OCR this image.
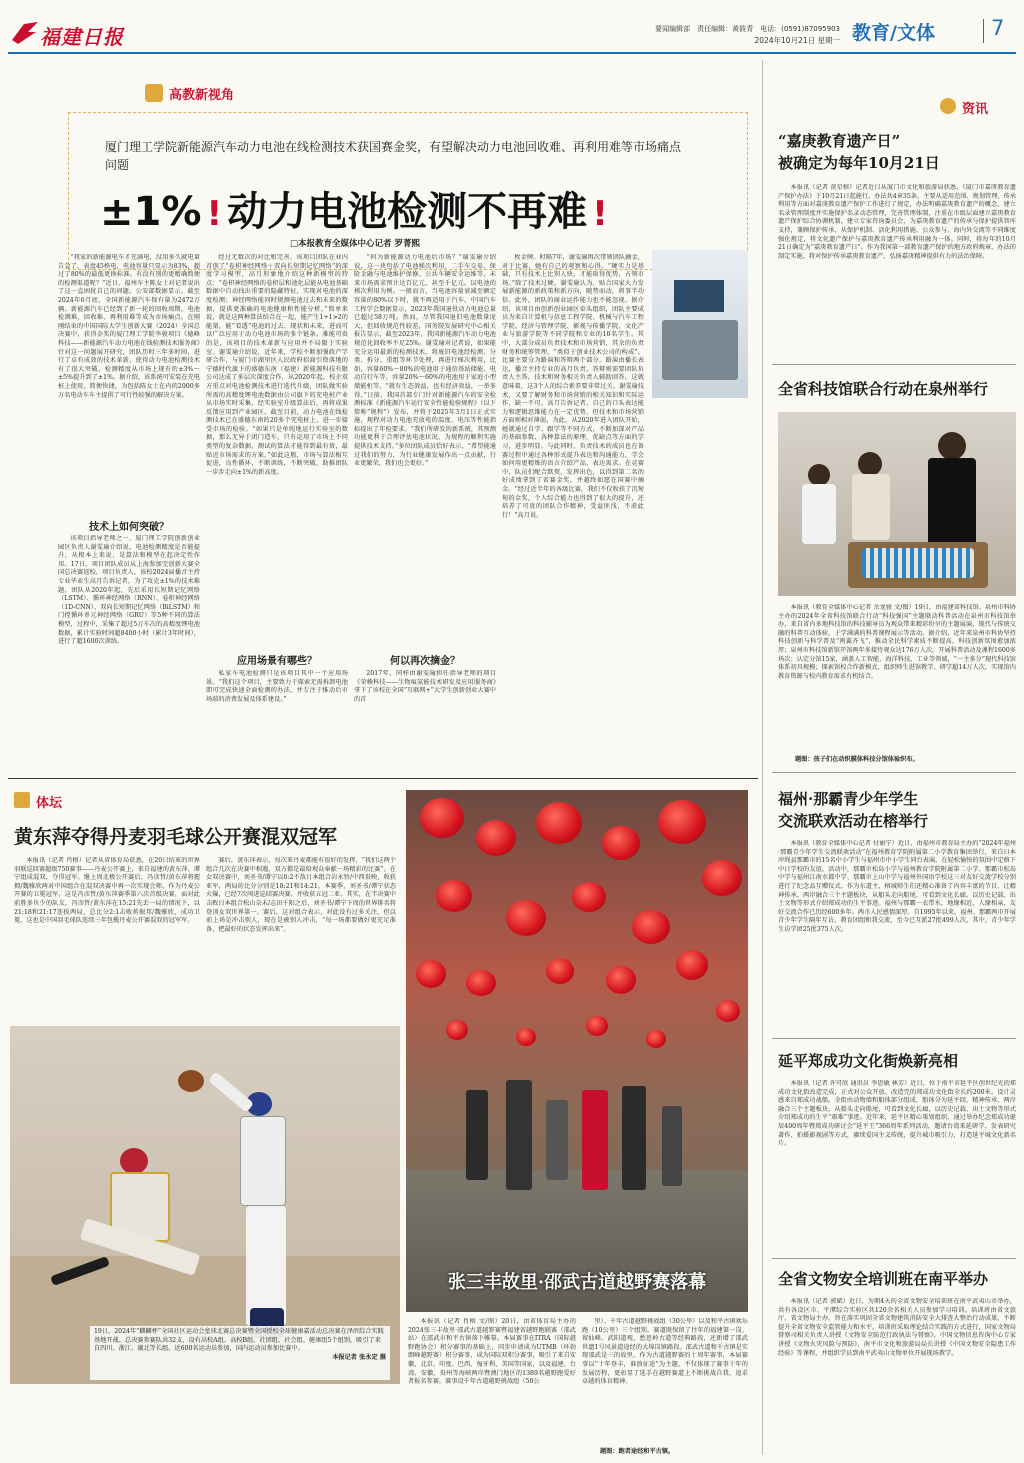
福建日报	要闻编辑部　责任编辑：黄筱青　电话：(0591)87095903
2024年10月21日 星期一 教育/文体	7
高教新视角
厦门理工学院新能源汽车动力电池在线检测技术获国赛金奖，有望解决动力电池回收难、再利用难等市场痛点问题
±1% ! 动力电池检测不再难 !
□本报教育全媒体中心记者 罗菁熙

“我家的新能源电车才充满电，没用多久就电量告急了，表盘45格电，电池容量只显示为83%，超过了80%的最低更换标准。有没有别的更精确简便的检测渠道呢？”近日，福州车主陈女士对记者说出了这一直困扰自己的问题。公安部数据显示，截至2024年6月底，全国新能源汽车保有量为2472万辆。新能源汽车已经到了新一轮的回收周期，电池检测难、回收难、再利用难等成为市场痛点。在刚刚结束的中国国际大学生创新大赛（2024）全国总决赛中，获得金奖的厦门理工学院李骏项目《德峰科技——新能源汽车动力电池在线检测技术服务商》针对这一问题展开研究，团队历时三年多时间，进行了卓有成效的技术革新，使得动力电池检测技术有了很大突破，检测精度从市场上现有的±3%～±5%提升到了±1%。据介绍，该系统可安装在充电桩上使用，简便快捷，为包括陈女士在内的2000多万名电动车车主提供了可行性较强的解决方案。

技术上如何突破？

该项目指导老师之一、厦门理工学院创新创业园区负责人谢雯瑜介绍说，电池检测精度是否能提升，从根本上来说，是算法和模型在起决定性作用。17日，项目团队成员从上海参加完创新大赛全国总决赛返校，项目负责人、该校2024届播音主持专业毕业生高月告诉记者，为了攻克±1%的技术难题，团队从2020年起，先后采用长短期记忆网络（LSTM）、循环神经网络（RNN）、卷积神经网络（1D-CNN）、双向长短期记忆网络（BiLSTM）和门控循环单元神经网络（GRU）等5种不同的算法模型，过程中，采集了超过5万车次的高精度锂电池数据，累计实验时间超8400小时（累计3年时间），进行了超1600次训练。

经过无数次的对比和完善，该项目团队在业内首创了“卷积神经网络＋双向长短期记忆网络”的深度学习模型，高月形象地介绍这种新模型的特点：“卷积神经网络的卷积层和池化层能从电池基础数据中自动找出重要的隐藏特征，实现对电池的深度检测；神经网络能同时规测电池过去和未来的数据，提供更准确的电池健康和性能分析。”简单来说，就是这两种算法结合在一起，能产生1+1>2的能量，能“看透”电池的过去、现状和未来，进而可以广泛应用于动力电池市场的多个链条。难能可贵的是，该项目的技术革新与应用并不局限于实验室。谢雯瑜介绍说，近年来，学校不断加强政产学研合作，与厦门市湖里区人民政府招商引资落地的宁德时代旗下的盛德东南（福建）新能源科技有限公司达成了多层次深度合作，从2020年起，校企双方重点对电池检测技术进行选代升级，团队做实验所需的高精度锂电池数据由公司旗下的充电桩产业从市场实时采集，经实验室升级算法后，再将成果反馈应用到产业园区。截至目前，动力电池在线检测技术已在盛德东南的20多个充电桩上，进一步接受市场的检验。“如果只是单纯地运行实验室的数据，那么无异于闭门造车，只有运用了市场上不同类型的复杂数据，测试的算法才能得到最有效，最贴近市场需求的方案。”如此这般，市场与算法相互促进，良性循环，不断训练，不断突破，助推团队一步步走向±1%的新高度。

应用场景有哪些？

私家车电池检测只是该项目其中一个应用场景。“我们这个项目，主要致力于探索无需拆卸电池即可完成快速全面检测的办法，并专注于推动后市场端的消费发展及体系建设。”

“何为新能源动力电池后市场？”谢雯瑜介绍说，这一块包括了电池梯次利用、二手车交易、保险金融与电池维护保修、公共车辆安全运维等，未来市场需求预计达百亿元，甚至千亿元。以电池的梯次利用为例。一般而言，当电池容量衰减至额定容量的80%以下时，就不再适用于汽车。中国汽车工程学会数据显示，2023年我国退役动力电池总量已超过58万吨。然而，尽管我国退旧电池数量庞大，但回收规范性较差，国务院发展研究中心相关报告显示，截至2023年，我国新能源汽车动力电池规范化回收率不足25%。谢雯瑜对记者说，如果能充分运用最新的检测技术，将废旧电池经检测、分类、拆分、重组等环节处理，再进行梯次利用，比如，容量60%～80%的电池用于通信基站储能、电动自行车等，容量20%～60%的电池用于家庭小型储能柜等，“就有生态效益，也有经济效益，一举多得。”日前，我国首部专门针对新能源汽车的安全检测标准《新能源汽车运行安全性能检验规程》（以下简称“规程”）发布，并将于2025年3月1日正式实施，规程对动力电池充放电的温度、电压等性能指标提出了年检要求。“我们所研发的新系统，其预测功能更利于合理评估电池状况，为规程的顺利实施提供技术支持。”多位团队成员恰好表示，“希望能通过我们的努力，为行业健康发展作出一点贡献，行业更繁荣，我们也会更好。”

何以再次摘金？

2017年，同样由谢雯瑜担任指导老师的项目《荣赖科技——生物痕氨能技术研发及应用服务商》拿下了该校在全国“互联网+”大学生创新创业大赛中的首

枚金牌。时隔7年，谢雯瑜再次带领团队摘金，对于比赛，她有自己的观察和心得。“硬实力是基础，只有技术上比别人快，才能取得优势，占领市场。”除了技术过硬，谢雯瑜认为，贴合国家大力发展新能源的新政策和新方向，随势而动，将事半功倍。此外，团队的商业运作能力也不能忽视。据介绍，该项目由创新创业园区牵头组织，团队主要成员为来自计算机与信息工程学院、机械与汽车工程学院、经济与管理学院、影视与传播学院、文化产业与旅游学院等不同学院和专业的10名学生。其中，大部分成员负责技术和市场营销，其余的负责财务和统筹管理，“类似于创业技术公司的构成”。比赛主要分为路演和答辩两个部分，路演由播长表达，播音主持专业的高月负责，答辩则需要团队负责人主答，技术和财务相关负责人辅助回答。这就意味着，这3个人的综合素养要非常过关。谢雯瑜技术，又要了解财务和市场营销的相关知识和实际运作，缺一不可。高月告诉记者，自己的口头表达能力和逻辑思维能力在一定优势，但技术和市场营销方面则相对薄弱，为此，从2020年进入团队开始，她就通过自学、跟学等不同方式，不断加深对产品的基础参数、各种算法的原理，优缺点等方面的学习，进步明显。与此同时，负责技术的成员也在备赛过程中通过各种形式提升表达和沟通能力，学会如何用更精炼的语言介绍产品，表达需求。在竞赛中，队员们配合默契，发挥出色，以得到第二名的好成绩拿到了省赛金奖，并越终如愿在国赛中摘金。“经过近半年的各级比赛，我们不仅收获了沉甸甸的金奖，个人综合能力也得到了很大的提升，还培养了可贵的团队合作精神，受益匪浅，不虚此行！”高月说。

体坛
黄东萍夺得丹麦羽毛球公开赛混双冠军

本报讯（记者 肖榕）记者从省体育局获悉，在20日结束的世界羽联巡回赛超级750赛事——丹麦公开赛上，来自福建的黄东萍、谭宁组成混双，夺得冠军。继上周北极公开赛后，冯彦哲/黄东萍将握拥/魏雅欣两对中国组合在混双决赛中再一次实现会师。作为丹麦公开赛的卫冕冠军，这是冯彦哲/黄东萍赛季第六次首级决赛，面对此前胜多负少的队友，冯彦哲/黄东萍在15:21先丢一局的情况下，以21:18和21:17连扳两局，总比分2:1击败蒋振邦/魏雅欣，成功卫冕，这也是中国羽毛球队连续三年包揽丹麦公开赛混双的冠军军。

赛后，黄东萍表示，每次来丹麦都能有很好的发挥，“我们这两个组合几次在决赛中相遇，双方都是最给观众奉献一场精彩的比赛”。在女双决赛中，刘圣书/谭宁以0:2不敌日本组合岩永铃/中西贵映，收获亚军，两局的比分分别是18:21和14:21。本赛季，刘圣书/谭宁状态火爆，已经7次闯进巡回赛决赛，并收获五冠二亚。其实，在半决赛中击败日本组合松山奈未/志田千阳之后，刘圣书/谭宁下周的世界排名将登顶女双世界第一。赛后，这对组合表示，对此没有过多关注，但以前上场是冲击别人，现在是被别人冲击，“每一场都要做好更充足准备，把最好的状态发挥出来”。

19日，2024年“麒麟杯”全国社区运动会垒球北赛总决赛暨全国授校全球健康嘉活动总决赛在泽滨综合实践基地开战。总决赛参赛队共32支，设有高校A组、高校B组、社团组、社会组、健康组5个组别，吸引了来自四川、浙江、湖北等长组，近600名运动员参加，国内运动员参加比赛中。
本报记者 张永定 摄
张三丰故里·邵武古道越野赛落幕

本报讯（记者 肖榕 文/图）20日，由省体育局主办的2024张三丰故里·邵武古道越野赛暨福建省越野跑联赛（邵武站）在邵武市和平古镇落下帷幕。本届赛事在ITRA（国际越野跑协会）积分赛事的基础上，同步申请成为UTMB（环勃朗峰越野赛）积分赛事，成为国际双积分赛事，吸引了来自安徽、北京、印度、巴西、匈牙利、美国等国家，以及福建、台湾、安徽、贵州等海峡两岸暨澳门地区的1389名越野跑爱好者报名参赛。赛事设千年古道越野挑战组（50公

里）、千年古道越野挑战组（30公里）以及和平古镇欢乐跑（10公里）三个组别。赛道既保留了往年的福建第一岗、留仙峰、武阳道观、愁思岭古道等经典路段，还新增了邵武世遗1号风景道途经的大埠岗镇路段。邵武古道和千古镇是实现邵武是三的故里，作为古道越野赛的十周年赛事，本届赛事以“十年登丰，谁浪征途”为主题，不仅体现了赛事十年的发展历程，更彰显了选手在越野赛道上不断挑战自我、追求卓越的体育精神。

题图：跑者途经和平古镇。
资讯
“嘉庚教育遗产日”
被确定为每年10月21日

本报讯（记者 黄星榕）记者近日从厦门市文化和旅游局获悉，《厦门市嘉庚教育遗产保护办法》于10月21日起施行。办法共4章35条，主要从适用范围、规划管理、传承利用等方面对嘉庚教育遗产保护工作进行了规定，办法明确嘉庚教育遗产的概念，建立名录管理制度并实施保护名录动态管理，完善管理体制，注重在市级层面建立嘉庚教育遗产保护综合协调机制，建立专家咨询委员会，为嘉庚教育遗产的传承与保护提供智库支持，兼顾保护传承，从保护机制、活化利用措施、公众参与、海内外交流等不同维度强化规定，将文化遗产保护与嘉庚教育遗产传承利用融为一体。同时，将每年的10月21日确定为“嘉庚教育遗产日”。作为我国第一部教育遗产保护的地方政府规章，办法的制定实施，将对保护传承嘉庚教育遗产、弘扬嘉庚精神提供有力的法治保障。

全省科技馆联合行动在泉州举行

本报讯（教育全媒体中心记者 余龙骏 文/图）19日，由福建省科技馆、泉州市科协主办的2024年全省科技馆联合行动“科技强国”主题联动科普活动在泉州市科技馆举办，来自省内多地科技馆的科技辅导员为观众带来精彩纷呈的主题展演，现代与传统交融的科普互动体验，于学满满的科普课程展示等活动。据介绍，近年来泉州市科协坚持科技创新与科学普及“两翼齐飞”，推动全民科学素质不断提高，科技创新氛围愈加浓厚；泉州市科技馆新馆开馆两年多接待观众达176万人次，开展科普活动及课程1600多场次；认定分馆15家，涵盖人工智能、海洋科技、工业等领域，“一主多分”现代科技馆体系初具规模；探索馆校合作新模式，组织师生进馆教学、研学超14万人次，实现馆内教育资源与校内教育需求有机结合。

题图：孩子们在动织膜体科技分馆体验织布。
福州·那霸青少年学生
交流联欢活动在榕举行

本报讯（教育全媒体中心记者 付丽宁）近日，由福州市教育局主办的“2024年福州·那霸青少年学生交流联欢活动”在福州教育学院附属第二小学教育集团举行，来自日本冲绳县那霸市的15名中小学生与福州市中小学生同台表演，在轻松愉快的氛围中定格下中日学校的友谊。活动中，那霸市松岛小学与福州教育学院附属第二小学、那霸市松岛中学与福州江南水都中学、那霸市上山中学与福州外国语学校这三对友好交流学校分别进行了纪念品互赠仪式。作为东道主，榕城师生们还精心准备了内容丰富的节目，让精神传承、两岸融合三个主题板块，从船头走向船尾，可看到文化长廊。以历史记载、出土文物等形式介绍郑成功的生平事迹。福州与那霸一衣带水，地缘相近，人缘相亲，友好交流合作已历经600多年。两市人民感情深厚。自1995年以来，福州、那霸两市开展青少年学生隔年互访，教育团组和我交流，至今已互派27批499人次，其中，青少年学生访学团25批375人次。

延平郑成功文化街焕新亮相

本报讯（记者 许可欣 通讯员 李思敏 林芳）近日，位于南平市延平区创世纪光的郑成功文化街改造完成，正式对公众开放。改造完的郑成功文化街全长约200米，设计灵感来自郑成功战船。全街由动物墙和船体部分组成，船体分为延平回，精神传承、两岸融合三个主题板块，从船头走向船尾，可看到文化长廊，以历史记载、出土文物等形式介绍郑成功的生平“艰难”事迹。近年来，延平区精心策划组织，通过举办纪念郑成功诞辰400周年暨郑成功研讨会“延平王”366周年系列活动，邀请台湾来延研学、发表研究著作、拍摄影视剧等方式，赓续爱国主义传统，提升城市吸引力，打造延平城文化新名片。

全省文物安全培训班在南平举办

本报讯（记者 郭斌）近日，为期4天的全省文物安全培训班在南平武夷山市举办，共有各设区市、平潭综合实验区共120余名相关人员参加学习培训。培训班由省文旅厅、省文物局主办，旨在落实巩固全省文物建筑消防安全大排查大整治行动成果，不断提升全省文物安全监管能力和水平。培训班采取理论结合实践的方式进行，国家文物局督察司相关负责人讲授《文物安全防范行政执法与督察》，中国文物信息咨询中心专家讲授《文物火灾风险与预防》，南平市文化和旅游局局长讲授《中国文物安全隐患工作经验》等课程，并组织学员到南平武夷山文物单位开展现场教学。
